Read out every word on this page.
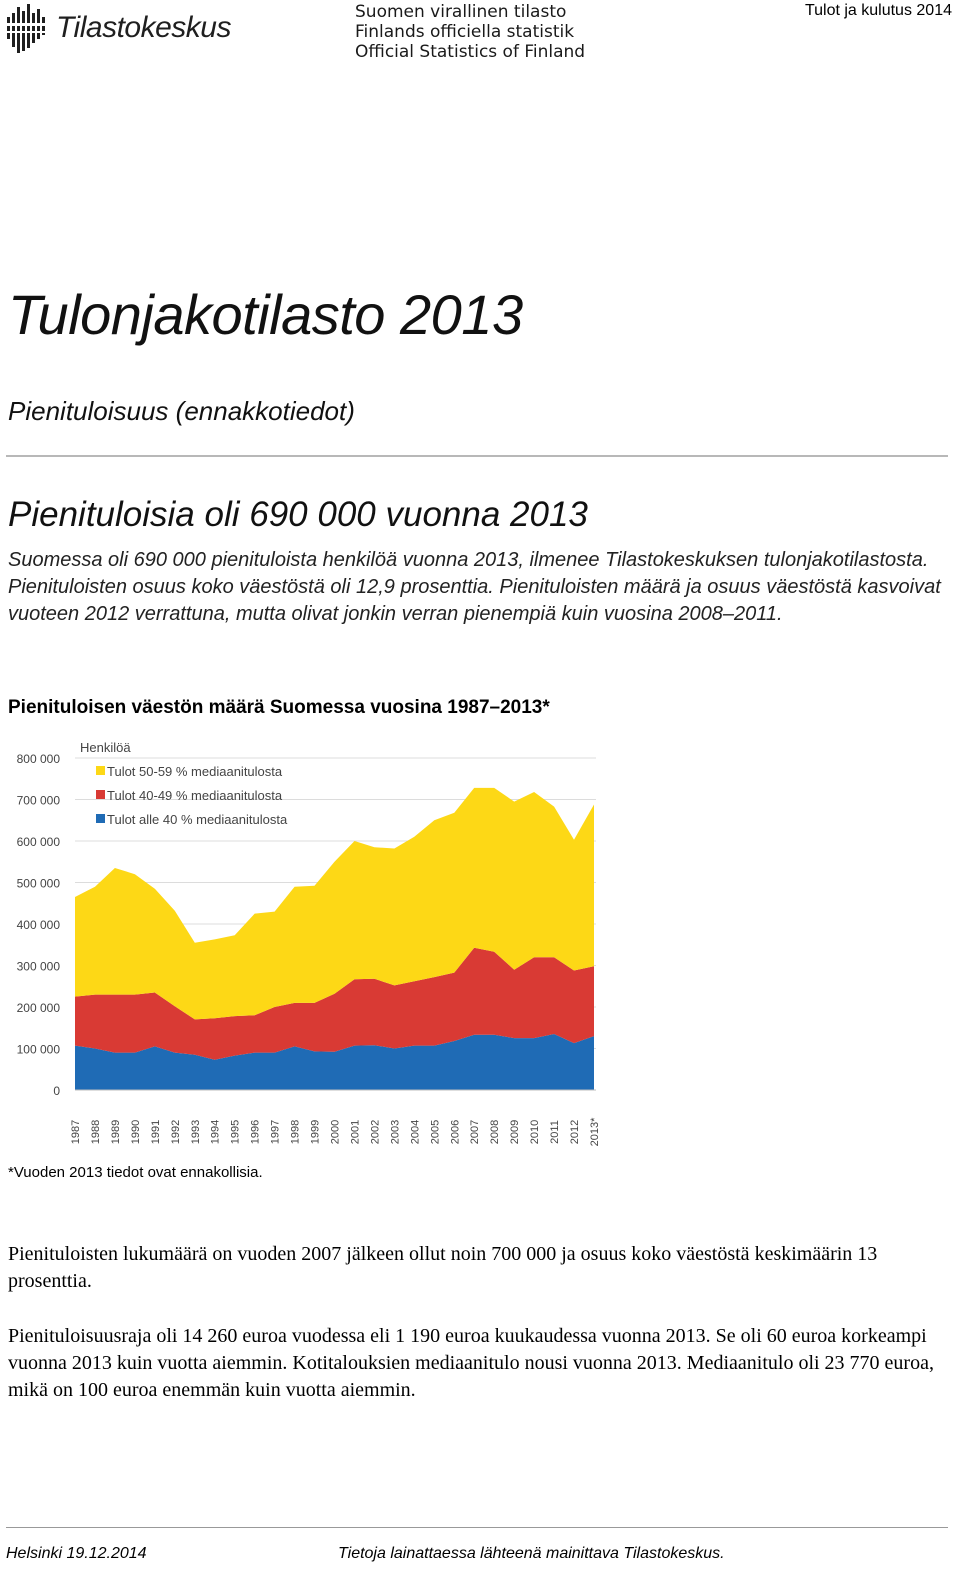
Tilastokeskus	Suomen virallinen tilasto
Finlands officiella statistik
Official Statistics of Finland
Tulot ja kulutus 2014
Tulonjakotilasto 2013
Pienituloisuus (ennakkotiedot)
Pienituloisia oli 690 000 vuonna 2013
Suomessa oli 690 000 pienituloista henkilöä vuonna 2013, ilmenee Tilastokeskuksen tulonjakotilastosta. Pienituloisten osuus koko väestöstä oli 12,9 prosenttia. Pienituloisten määrä ja osuus väestöstä kasvoivat vuoteen 2012 verrattuna, mutta olivat jonkin verran pienempiä kuin vuosina 2008–2011.
Pienituloisen väestön määrä Suomessa vuosina 1987–2013*
0
100 000
200 000
300 000
400 000
500 000
600 000
700 000
800 000
1987 1988 1989 1990 1991 1992 1993 1994 1995 1996 1997 1998 1999 2000 2001 2002 2003 2004 2005 2006 2007 2008 2009 2010 2011 2012 2013*
Henkilöä
Tulot 50-59 % mediaanitulosta
Tulot 40-49 % mediaanitulosta
Tulot alle 40 % mediaanitulosta
*Vuoden 2013 tiedot ovat ennakollisia.
Pienituloisten lukumäärä on vuoden 2007 jälkeen ollut noin 700 000 ja osuus koko väestöstä keskimäärin 13 prosenttia.
Pienituloisuusraja oli 14 260 euroa vuodessa eli 1 190 euroa kuukaudessa vuonna 2013. Se oli 60 euroa korkeampi vuonna 2013 kuin vuotta aiemmin. Kotitalouksien mediaanitulo nousi vuonna 2013. Mediaanitulo oli 23 770 euroa, mikä on 100 euroa enemmän kuin vuotta aiemmin.
Helsinki 19.12.2014	Tietoja lainattaessa lähteenä mainittava Tilastokeskus.
